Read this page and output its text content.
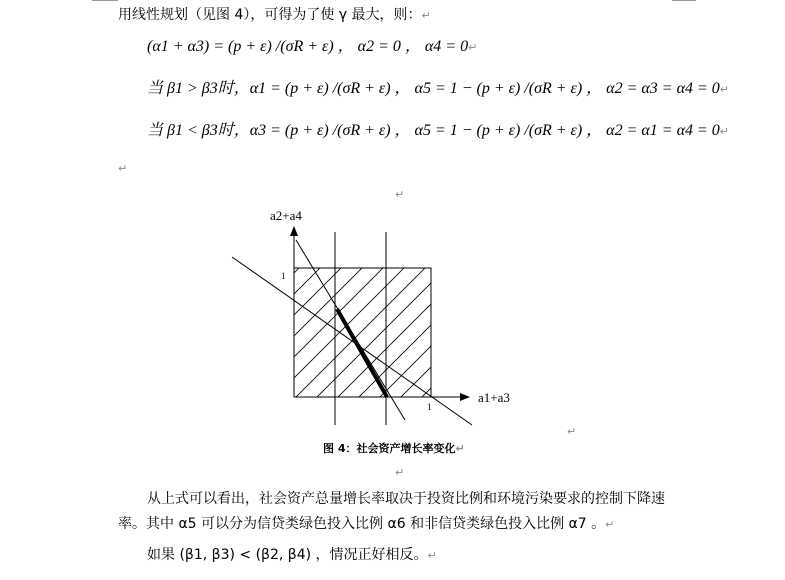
用线性规划（见图 4），可得为了使 γ 最大，则：↵
(α1 + α3) = (p + ε) /(σR + ε) ， α2 = 0 ， α4 = 0↵
当 β1 > β3时，α1 = (p + ε) /(σR + ε) ， α5 = 1 − (p + ε) /(σR + ε) ， α2 = α3 = α4 = 0↵
当 β1 < β3时，α3 = (p + ε) /(σR + ε) ， α5 = 1 − (p + ε) /(σR + ε) ， α2 = α1 = α4 = 0↵
↵
↵
a2+a4
a1+a3
1
1
↵
图 4：社会资产增长率变化↵
↵
从上式可以看出，社会资产总量增长率取决于投资比例和环境污染要求的控制下降速
率。其中 α5 可以分为信贷类绿色投入比例 α6 和非信贷类绿色投入比例 α7 。↵
如果 (β1, β3) < (β2, β4) ，情况正好相反。↵
